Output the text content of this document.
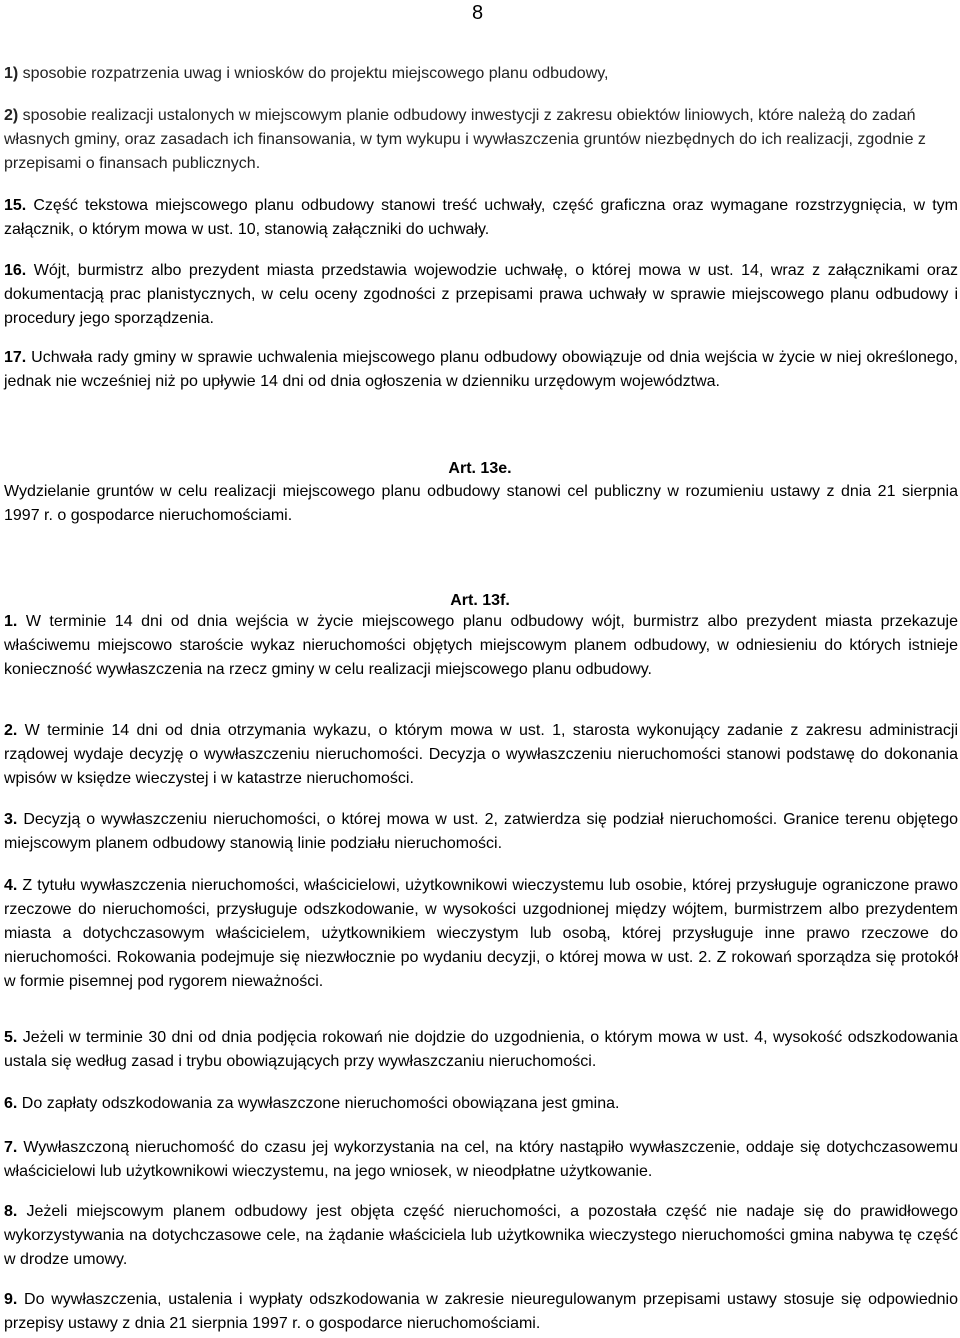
8

1) sposobie rozpatrzenia uwag i wniosków do projektu miejscowego planu odbudowy,

2) sposobie realizacji ustalonych w miejscowym planie odbudowy inwestycji z zakresu obiektów liniowych, które należą do zadań własnych gminy, oraz zasadach ich finansowania, w tym wykupu i wywłaszczenia gruntów niezbędnych do ich realizacji, zgodnie z przepisami o finansach publicznych.

15. Część tekstowa miejscowego planu odbudowy stanowi treść uchwały, część graficzna oraz wymagane rozstrzygnięcia, w tym załącznik, o którym mowa w ust. 10, stanowią załączniki do uchwały.

16. Wójt, burmistrz albo prezydent miasta przedstawia wojewodzie uchwałę, o której mowa w ust. 14, wraz z załącznikami oraz dokumentacją prac planistycznych, w celu oceny zgodności z przepisami prawa uchwały w sprawie miejscowego planu odbudowy i procedury jego sporządzenia.

17. Uchwała rady gminy w sprawie uchwalenia miejscowego planu odbudowy obowiązuje od dnia wejścia w życie w niej określonego, jednak nie wcześniej niż po upływie 14 dni od dnia ogłoszenia w dzienniku urzędowym województwa.

Art. 13e.

Wydzielanie gruntów w celu realizacji miejscowego planu odbudowy stanowi cel publiczny w rozumieniu ustawy z dnia 21 sierpnia 1997 r. o gospodarce nieruchomościami.

Art. 13f.

1. W terminie 14 dni od dnia wejścia w życie miejscowego planu odbudowy wójt, burmistrz albo prezydent miasta przekazuje właściwemu miejscowo staroście wykaz nieruchomości objętych miejscowym planem odbudowy, w odniesieniu do których istnieje konieczność wywłaszczenia na rzecz gminy w celu realizacji miejscowego planu odbudowy.

2. W terminie 14 dni od dnia otrzymania wykazu, o którym mowa w ust. 1, starosta wykonujący zadanie z zakresu administracji rządowej wydaje decyzję o wywłaszczeniu nieruchomości. Decyzja o wywłaszczeniu nieruchomości stanowi podstawę do dokonania wpisów w księdze wieczystej i w katastrze nieruchomości.

3. Decyzją o wywłaszczeniu nieruchomości, o której mowa w ust. 2, zatwierdza się podział nieruchomości. Granice terenu objętego miejscowym planem odbudowy stanowią linie podziału nieruchomości.

4. Z tytułu wywłaszczenia nieruchomości, właścicielowi, użytkownikowi wieczystemu lub osobie, której przysługuje ograniczone prawo rzeczowe do nieruchomości, przysługuje odszkodowanie, w wysokości uzgodnionej między wójtem, burmistrzem albo prezydentem miasta a dotychczasowym właścicielem, użytkownikiem wieczystym lub osobą, której przysługuje inne prawo rzeczowe do nieruchomości. Rokowania podejmuje się niezwłocznie po wydaniu decyzji, o której mowa w ust. 2. Z rokowań sporządza się protokół w formie pisemnej pod rygorem nieważności.

5. Jeżeli w terminie 30 dni od dnia podjęcia rokowań nie dojdzie do uzgodnienia, o którym mowa w ust. 4, wysokość odszkodowania ustala się według zasad i trybu obowiązujących przy wywłaszczaniu nieruchomości.

6. Do zapłaty odszkodowania za wywłaszczone nieruchomości obowiązana jest gmina.

7. Wywłaszczoną nieruchomość do czasu jej wykorzystania na cel, na który nastąpiło wywłaszczenie, oddaje się dotychczasowemu właścicielowi lub użytkownikowi wieczystemu, na jego wniosek, w nieodpłatne użytkowanie.

8. Jeżeli miejscowym planem odbudowy jest objęta część nieruchomości, a pozostała część nie nadaje się do prawidłowego wykorzystywania na dotychczasowe cele, na żądanie właściciela lub użytkownika wieczystego nieruchomości gmina nabywa tę część w drodze umowy.

9. Do wywłaszczenia, ustalenia i wypłaty odszkodowania w zakresie nieuregulowanym przepisami ustawy stosuje się odpowiednio przepisy ustawy z dnia 21 sierpnia 1997 r. o gospodarce nieruchomościami.
